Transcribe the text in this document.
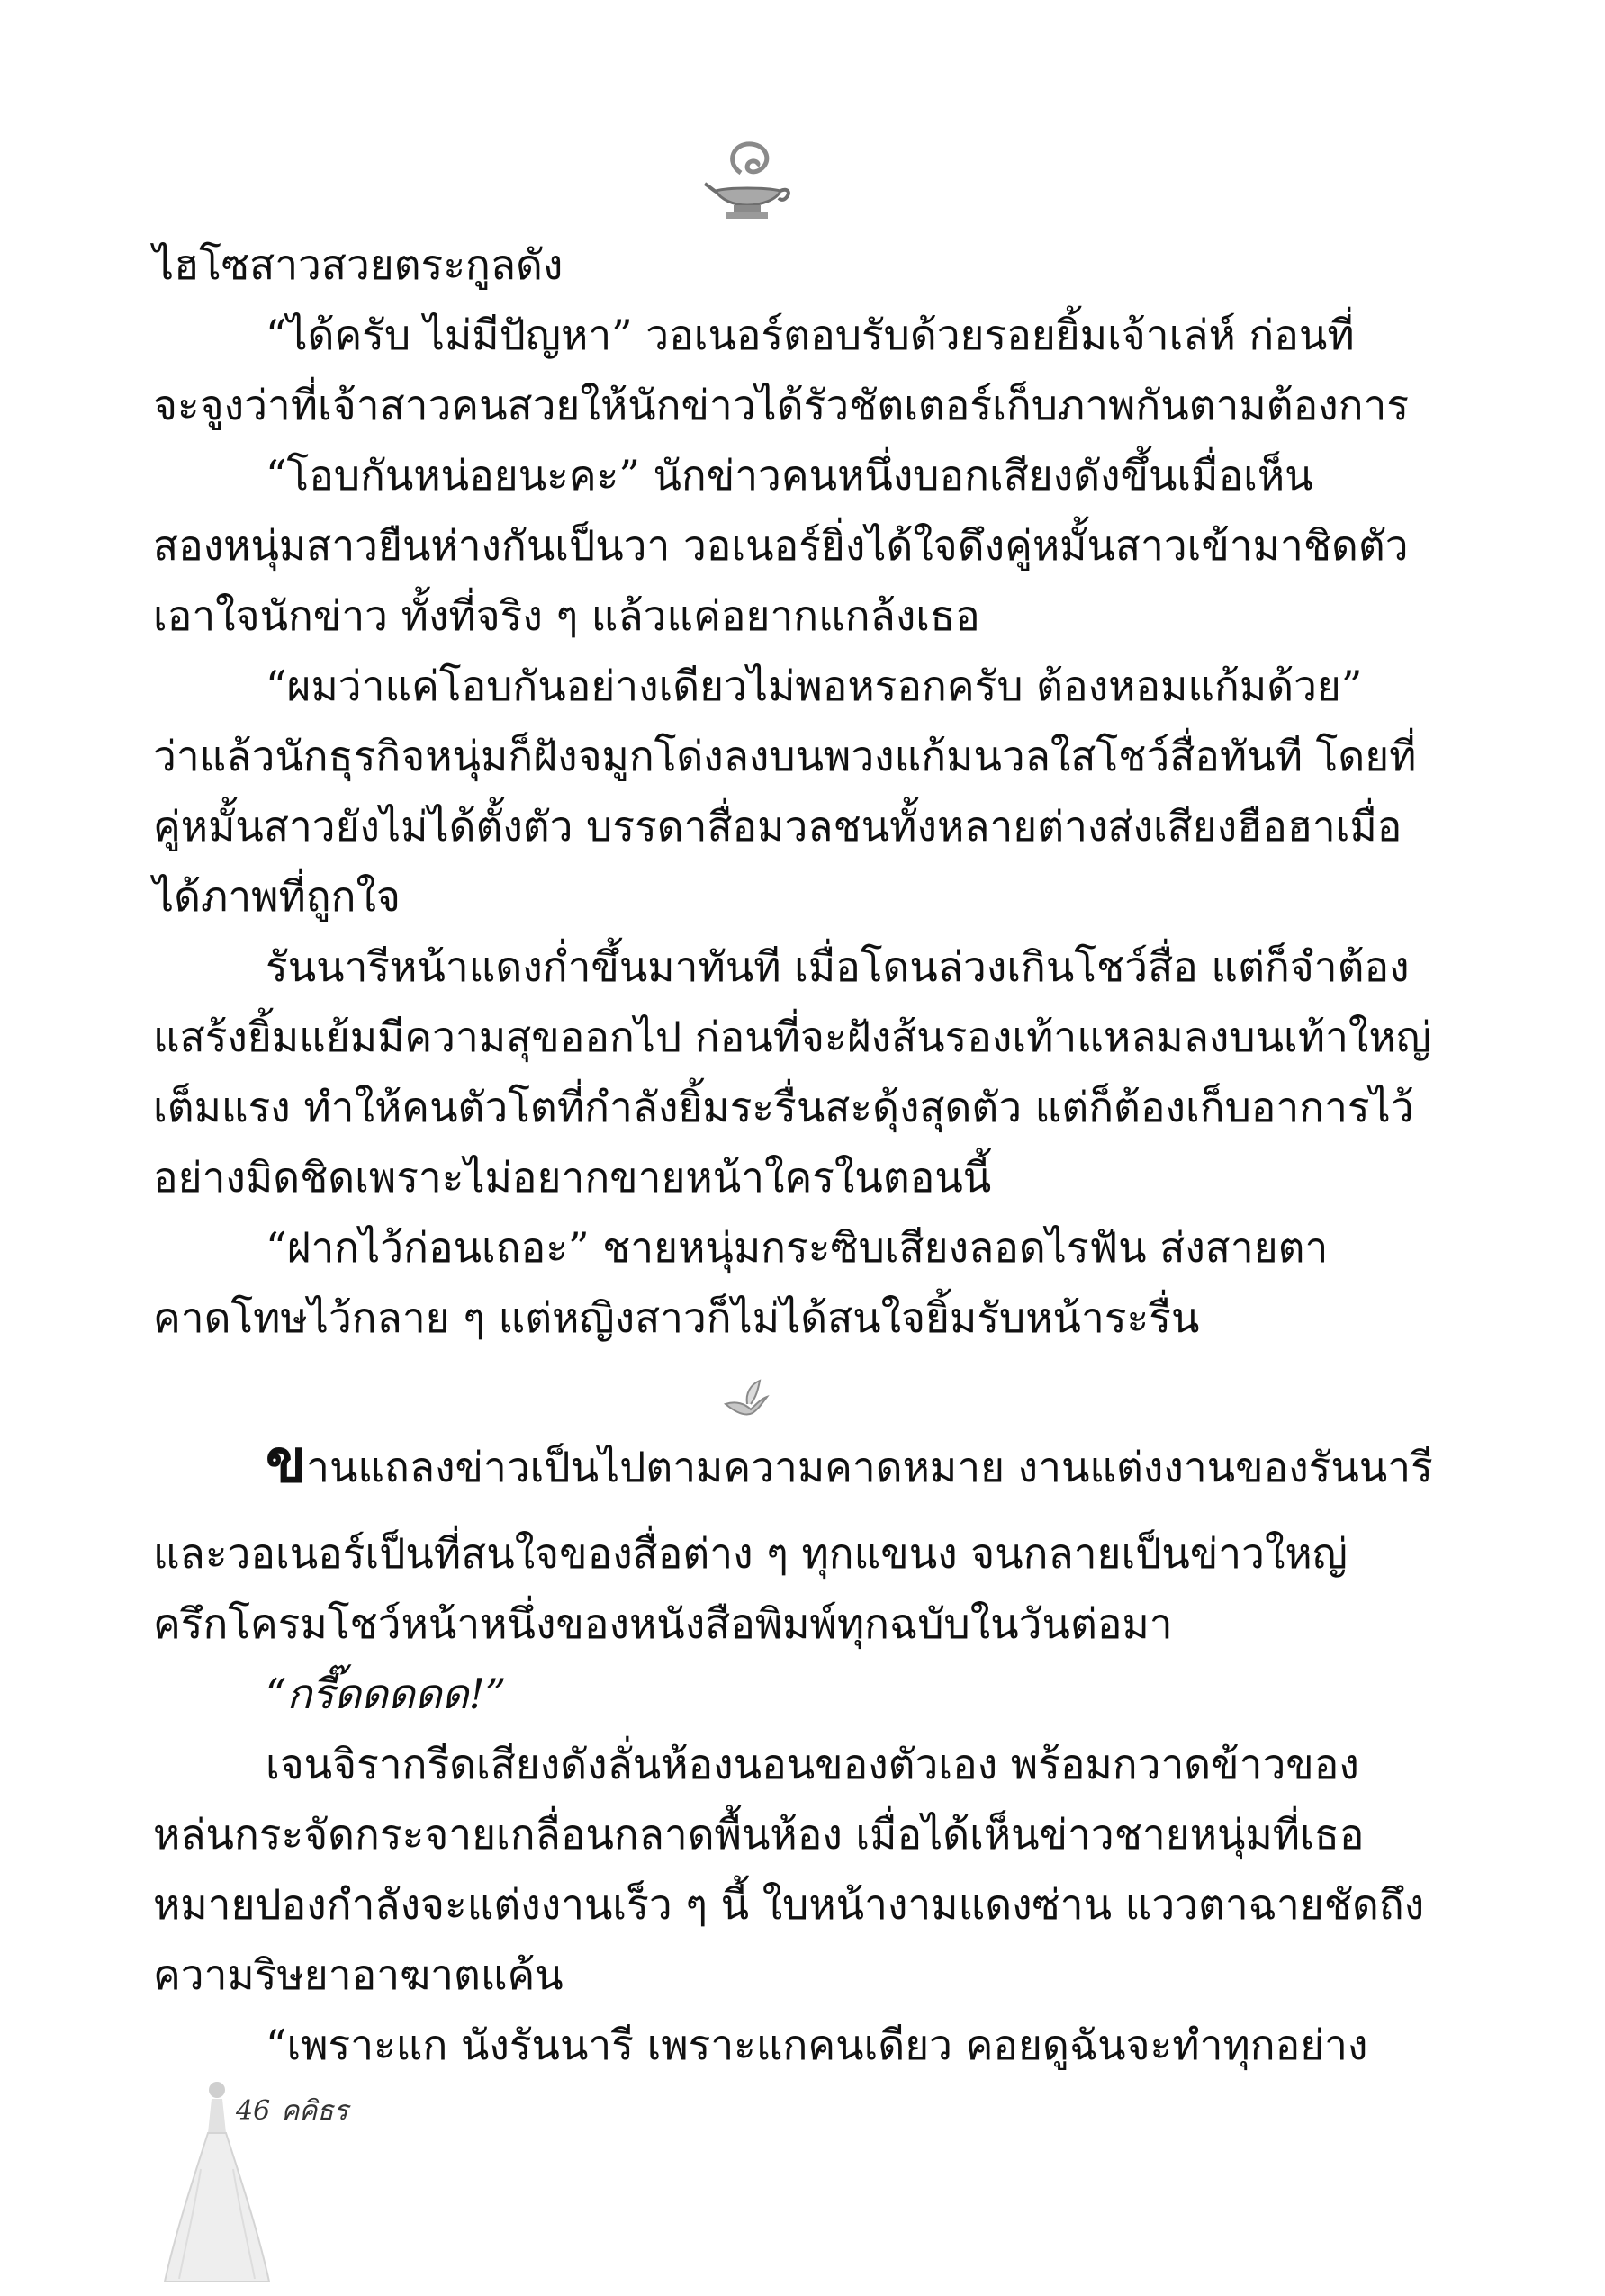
ไฮโซสาวสวยตระกูลดัง
“ได้ครับ ไม่มีปัญหา” วอเนอร์ตอบรับด้วยรอยยิ้มเจ้าเล่ห์ ก่อนที่
จะจูงว่าที่เจ้าสาวคนสวยให้นักข่าวได้รัวชัตเตอร์เก็บภาพกันตามต้องการ
“โอบกันหน่อยนะคะ” นักข่าวคนหนึ่งบอกเสียงดังขึ้นเมื่อเห็น
สองหนุ่มสาวยืนห่างกันเป็นวา วอเนอร์ยิ่งได้ใจดึงคู่หมั้นสาวเข้ามาชิดตัว
เอาใจนักข่าว ทั้งที่จริง ๆ แล้วแค่อยากแกล้งเธอ
“ผมว่าแค่โอบกันอย่างเดียวไม่พอหรอกครับ ต้องหอมแก้มด้วย”
ว่าแล้วนักธุรกิจหนุ่มก็ฝังจมูกโด่งลงบนพวงแก้มนวลใสโชว์สื่อทันที โดยที่
คู่หมั้นสาวยังไม่ได้ตั้งตัว บรรดาสื่อมวลชนทั้งหลายต่างส่งเสียงฮือฮาเมื่อ
ได้ภาพที่ถูกใจ
รันนารีหน้าแดงก่ำขึ้นมาทันที เมื่อโดนล่วงเกินโชว์สื่อ แต่ก็จำต้อง
แสร้งยิ้มแย้มมีความสุขออกไป ก่อนที่จะฝังส้นรองเท้าแหลมลงบนเท้าใหญ่
เต็มแรง ทำให้คนตัวโตที่กำลังยิ้มระรื่นสะดุ้งสุดตัว แต่ก็ต้องเก็บอาการไว้
อย่างมิดชิดเพราะไม่อยากขายหน้าใครในตอนนี้
“ฝากไว้ก่อนเถอะ” ชายหนุ่มกระซิบเสียงลอดไรฟัน ส่งสายตา
คาดโทษไว้กลาย ๆ แต่หญิงสาวก็ไม่ได้สนใจยิ้มรับหน้าระรื่น
ขานแถลงข่าวเป็นไปตามความคาดหมาย งานแต่งงานของรันนารี
และวอเนอร์เป็นที่สนใจของสื่อต่าง ๆ ทุกแขนง จนกลายเป็นข่าวใหญ่
ครึกโครมโชว์หน้าหนึ่งของหนังสือพิมพ์ทุกฉบับในวันต่อมา
“กรี๊ดดดดด!”
เจนจิรากรีดเสียงดังลั่นห้องนอนของตัวเอง พร้อมกวาดข้าวของ
หล่นกระจัดกระจายเกลื่อนกลาดพื้นห้อง เมื่อได้เห็นข่าวชายหนุ่มที่เธอ
หมายปองกำลังจะแต่งงานเร็ว ๆ นี้ ใบหน้างามแดงซ่าน แววตาฉายชัดถึง
ความริษยาอาฆาตแค้น
“เพราะแก นังรันนารี เพราะแกคนเดียว คอยดูฉันจะทำทุกอย่าง
46 คคิธร
